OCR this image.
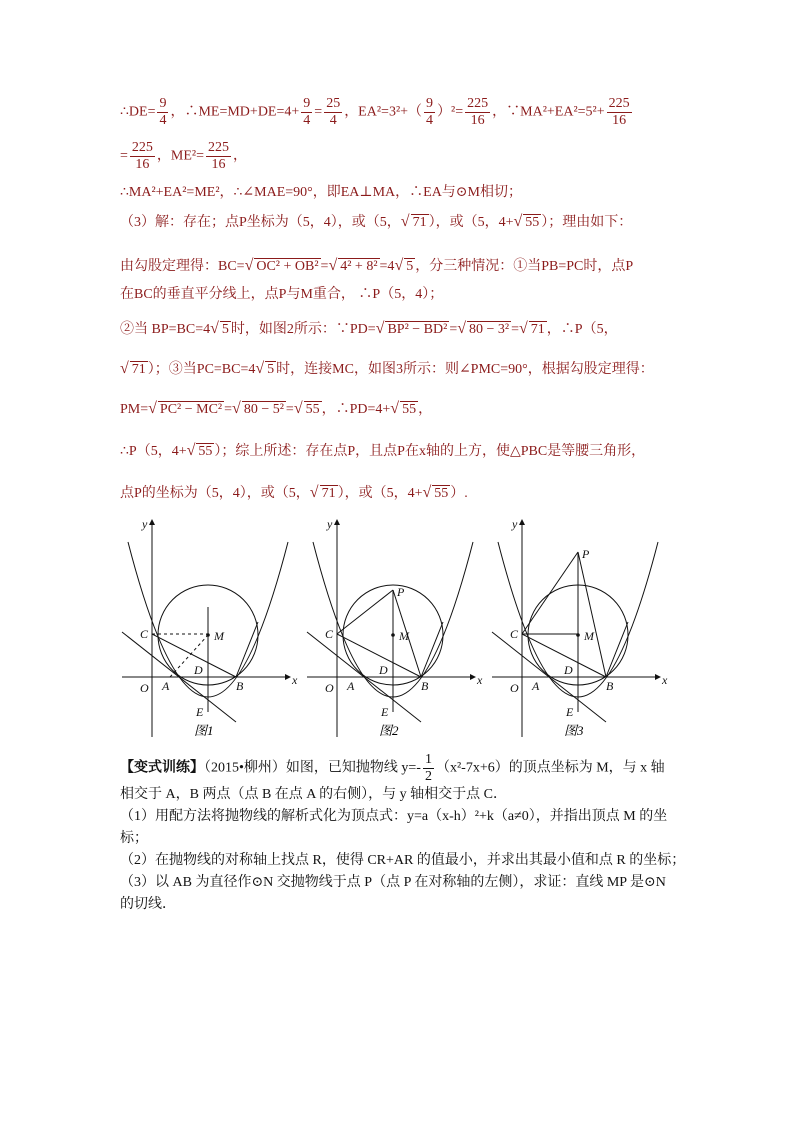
∴DE= $\frac{9}{4}$ ，∴ME=MD+DE=4+ $\frac{9}{4} = \frac{25}{4}$ ，$EA^2=3^2+( \frac{9}{4} )^2= \frac{225}{16}$ ，∵MA²+EA²=5²+ $\frac{225}{16}$
= $\frac{225}{16}$ ，$ME^2= \frac{225}{16}$ ，
∴MA²+EA²=ME²，∴∠MAE=90°，即EA⊥MA，∴EA与⊙M相切；
（3）解：存在；点P坐标为（5，4），或（5，√ 71 ），或（5，4+√ 55 ）；理由如下：
由勾股定理得：BC=√ OC² + OB² =√ 4² + 8² =4√ 5 ，分三种情况：①当PB=PC时，点P
在BC的垂直平分线上，点P与M重合， ∴P（5，4）；
②当 BP=BC=4√ 5 时，如图2所示：∵PD=√ BP² − BD² =√ 80 − 3² =√ 71 ，∴P（5，
√ 71 ）；③当PC=BC=4√ 5 时，连接MC，如图3所示：则∠PMC=90°，根据勾股定理得：
PM=√ PC² − MC² =√ 80 − 5² =√ 55 ，∴PD=4+√ 55 ，
∴P（5，4+√ 55 ）；综上所述：存在点P，且点P在x轴的上方，使△PBC是等腰三角形，
点P的坐标为（5，4），或（5，√ 71 ），或（5，4+√ 55 ）.
y
x
O A	B
C
D
E
M
图1
y
x
O A	B
C
D
E
M
P
图2
y
x
O A	B
C
D
E
M
P
图3
【变式训练】（2015•柳州）如图，已知抛物线 $y=- \frac{1}{2} (x^2-7x+6)$的顶点坐标为 M，与 x 轴
相交于 A，B 两点（点 B 在点 A 的右侧），与 y 轴相交于点 C．
（1）用配方法将抛物线的解析式化为顶点式：y=a（x-h）²+k（a≠0），并指出顶点 M 的坐
标；
（2）在抛物线的对称轴上找点 R，使得 CR+AR 的值最小，并求出其最小值和点 R 的坐标；
（3）以 AB 为直径作⊙N 交抛物线于点 P（点 P 在对称轴的左侧），求证：直线 MP 是⊙N
的切线．
